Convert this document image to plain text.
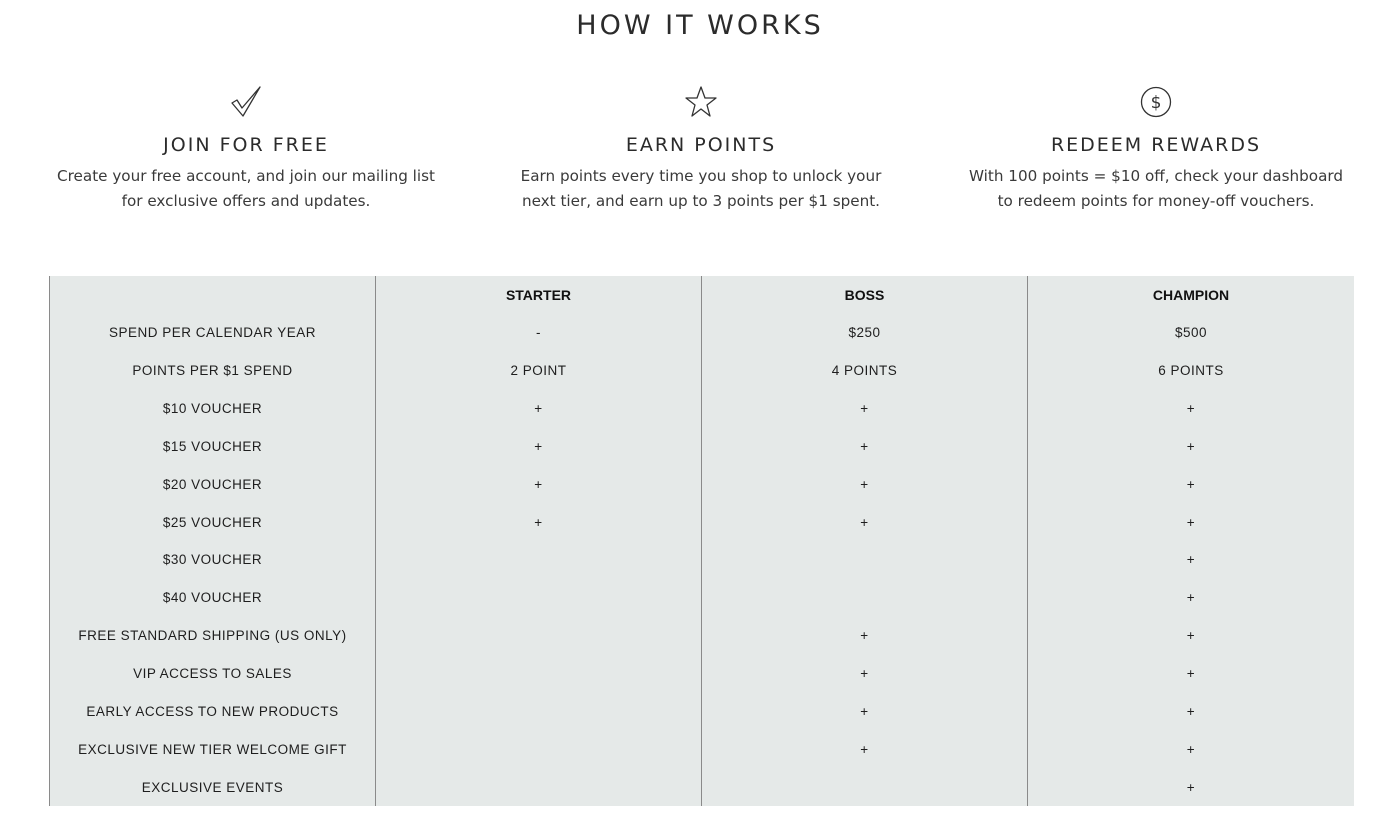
HOW IT WORKS
JOIN FOR FREE
Create your free account, and join our mailing list
for exclusive offers and updates.
EARN POINTS
Earn points every time you shop to unlock your
next tier, and earn up to 3 points per $1 spent.
$
REDEEM REWARDS
With 100 points = $10 off, check your dashboard
to redeem points for money-off vouchers.
SPEND PER CALENDAR YEAR
POINTS PER $1 SPEND
$10 VOUCHER
$15 VOUCHER
$20 VOUCHER
$25 VOUCHER
$30 VOUCHER
$40 VOUCHER
FREE STANDARD SHIPPING (US ONLY)
VIP ACCESS TO SALES
EARLY ACCESS TO NEW PRODUCTS
EXCLUSIVE NEW TIER WELCOME GIFT
EXCLUSIVE EVENTS
STARTER
-
2 POINT
+
+
+
+
BOSS
$250
4 POINTS
+
+
+
+
+
+
+
+
CHAMPION
$500
6 POINTS
+
+
+
+
+
+
+
+
+
+
+
